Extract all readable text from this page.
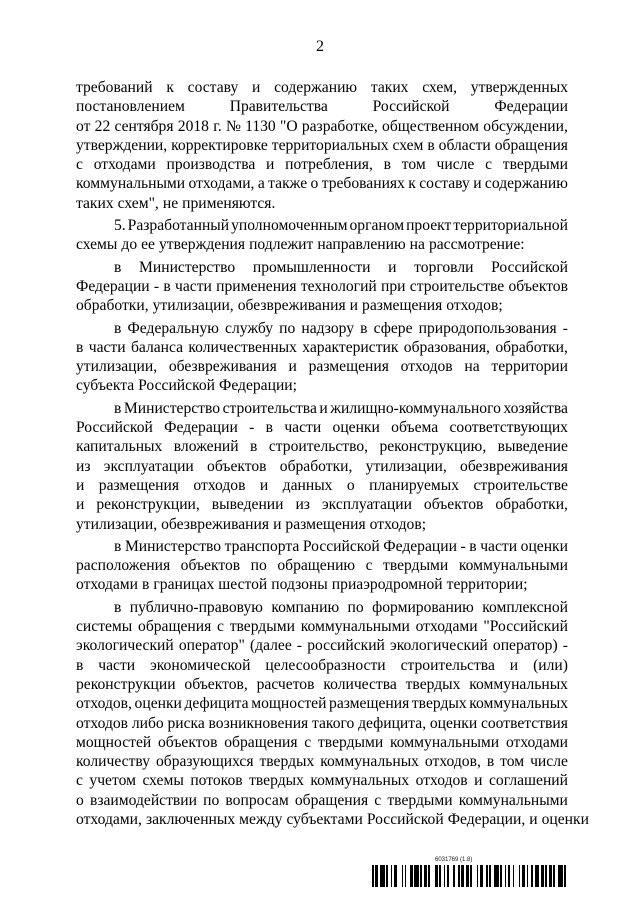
2
требований к составу и содержанию таких схем, утвержденных
постановлением	Правительства	Российской	Федерации
от 22 сентября 2018 г. № 1130 "О разработке, общественном обсуждении,
утверждении, корректировке территориальных схем в области обращения
с отходами производства и потребления, в том числе с твердыми
коммунальными отходами, а также о требованиях к составу и содержанию
таких схем", не применяются.
5. Разработанный уполномоченным органом проект территориальной
схемы до ее утверждения подлежит направлению на рассмотрение:
в Министерство промышленности и торговли Российской
Федерации - в части применения технологий при строительстве объектов
обработки, утилизации, обезвреживания и размещения отходов;
в Федеральную службу по надзору в сфере природопользования -
в части баланса количественных характеристик образования, обработки,
утилизации, обезвреживания и размещения отходов на территории
субъекта Российской Федерации;
в Министерство строительства и жилищно-коммунального хозяйства
Российской Федерации - в части оценки объема соответствующих
капитальных вложений в строительство, реконструкцию, выведение
из эксплуатации объектов обработки, утилизации, обезвреживания
и размещения отходов и данных о планируемых строительстве
и реконструкции, выведении из эксплуатации объектов обработки,
утилизации, обезвреживания и размещения отходов;
в Министерство транспорта Российской Федерации - в части оценки
расположения объектов по обращению с твердыми коммунальными
отходами в границах шестой подзоны приаэродромной территории;
в публично-правовую компанию по формированию комплексной
системы обращения с твердыми коммунальными отходами "Российский
экологический оператор" (далее - российский экологический оператор) -
в части экономической целесообразности строительства и (или)
реконструкции объектов, расчетов количества твердых коммунальных
отходов, оценки дефицита мощностей размещения твердых коммунальных
отходов либо риска возникновения такого дефицита, оценки соответствия
мощностей объектов обращения с твердыми коммунальными отходами
количеству образующихся твердых коммунальных отходов, в том числе
с учетом схемы потоков твердых коммунальных отходов и соглашений
о взаимодействии по вопросам обращения с твердыми коммунальными
отходами, заключенных между субъектами Российской Федерации, и оценки
6031769 (1.8)
